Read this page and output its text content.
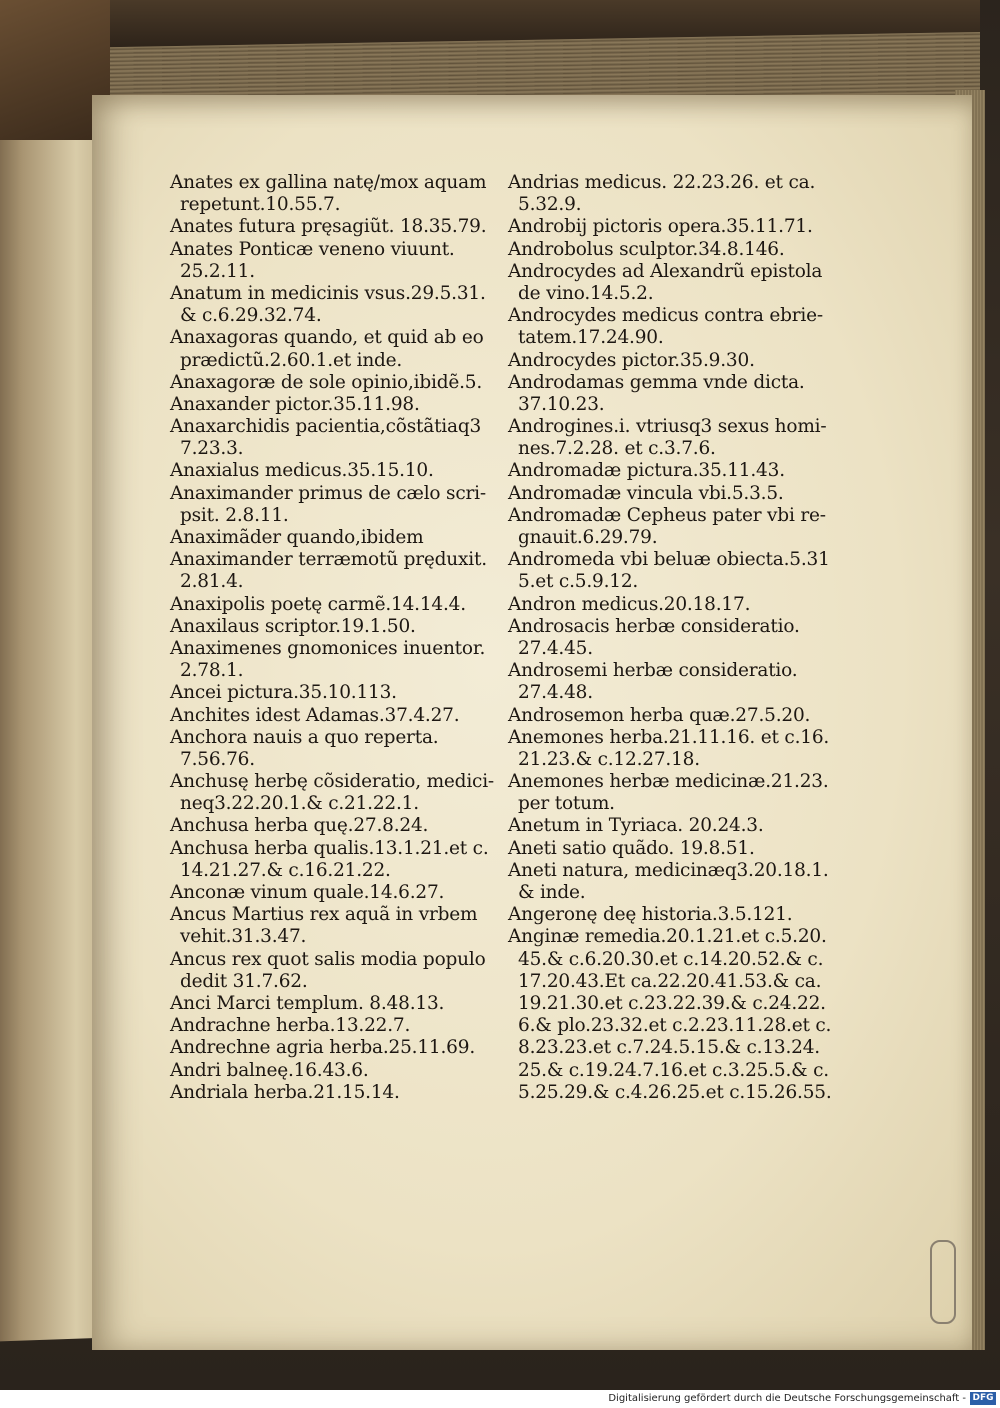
Anates ex gallina natę/mox aquam
repetunt.10.55.7.
Anates futura pręsagiũt. 18.35.79.
Anates Ponticæ veneno viuunt.
25.2.11.
Anatum in medicinis vsus.29.5.31.
& c.6.29.32.74.
Anaxagoras quando, et quid ab eo
prædictũ.2.60.1.et inde.
Anaxagoræ de sole opinio,ibidẽ.5.
Anaxander pictor.35.11.98.
Anaxarchidis pacientia,cõstãtiaq3
7.23.3.
Anaxialus medicus.35.15.10.
Anaximander primus de cælo scri-
psit. 2.8.11.
Anaximãder quando,ibidem
Anaximander terræmotũ pręduxit.
2.81.4.
Anaxipolis poetę carmẽ.14.14.4.
Anaxilaus scriptor.19.1.50.
Anaximenes gnomonices inuentor.
2.78.1.
Ancei pictura.35.10.113.
Anchites idest Adamas.37.4.27.
Anchora nauis a quo reperta.
7.56.76.
Anchusę herbę cõsideratio, medici-
neq3.22.20.1.& c.21.22.1.
Anchusa herba quę.27.8.24.
Anchusa herba qualis.13.1.21.et c.
14.21.27.& c.16.21.22.
Anconæ vinum quale.14.6.27.
Ancus Martius rex aquã in vrbem
vehit.31.3.47.
Ancus rex quot salis modia populo
dedit 31.7.62.
Anci Marci templum. 8.48.13.
Andrachne herba.13.22.7.
Andrechne agria herba.25.11.69.
Andri balneę.16.43.6.
Andriala herba.21.15.14.
Andrias medicus. 22.23.26. et ca.
5.32.9.
Androbij pictoris opera.35.11.71.
Androbolus sculptor.34.8.146.
Androcydes ad Alexandrũ epistola
de vino.14.5.2.
Androcydes medicus contra ebrie-
tatem.17.24.90.
Androcydes pictor.35.9.30.
Androdamas gemma vnde dicta.
37.10.23.
Androgines.i. vtriusq3 sexus homi-
nes.7.2.28. et c.3.7.6.
Andromadæ pictura.35.11.43.
Andromadæ vincula vbi.5.3.5.
Andromadæ Cepheus pater vbi re-
gnauit.6.29.79.
Andromeda vbi beluæ obiecta.5.31
5.et c.5.9.12.
Andron medicus.20.18.17.
Androsacis herbæ consideratio.
27.4.45.
Androsemi herbæ consideratio.
27.4.48.
Androsemon herba quæ.27.5.20.
Anemones herba.21.11.16. et c.16.
21.23.& c.12.27.18.
Anemones herbæ medicinæ.21.23.
per totum.
Anetum in Tyriaca. 20.24.3.
Aneti satio quãdo. 19.8.51.
Aneti natura, medicinæq3.20.18.1.
& inde.
Angeronę deę historia.3.5.121.
Anginæ remedia.20.1.21.et c.5.20.
45.& c.6.20.30.et c.14.20.52.& c.
17.20.43.Et ca.22.20.41.53.& ca.
19.21.30.et c.23.22.39.& c.24.22.
6.& plo.23.32.et c.2.23.11.28.et c.
8.23.23.et c.7.24.5.15.& c.13.24.
25.& c.19.24.7.16.et c.3.25.5.& c.
5.25.29.& c.4.26.25.et c.15.26.55.
Digitalisierung gefördert durch die Deutsche Forschungsgemeinschaft - DFG
